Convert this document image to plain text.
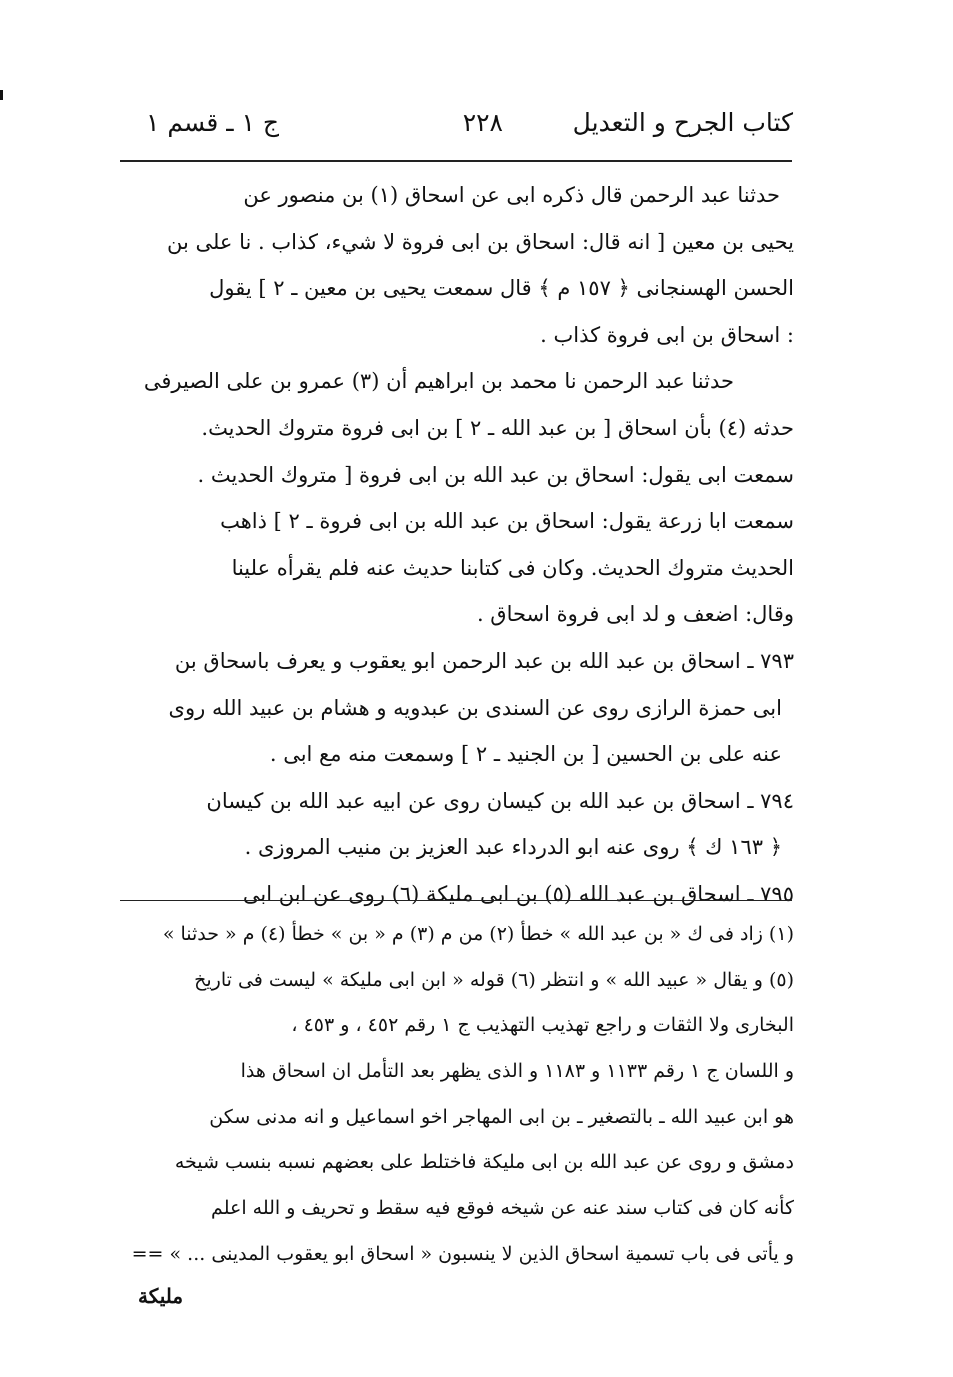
كتاب الجرح و التعديل
٢٢٨
ج ١ ـ قسم ١
حدثنا عبد الرحمن قال ذكره ابى عن اسحاق (١) بن منصور عن
يحيى بن معين [ انه قال: اسحاق بن ابى فروة لا شيء، كذاب . نا على بن
الحسن الهسنجانى ﴿ ١٥٧ م ﴾ قال سمعت يحيى بن معين ـ ٢ ] يقول
: اسحاق بن ابى فروة كذاب .
حدثنا عبد الرحمن نا محمد بن ابراهيم أن (٣) عمرو بن على الصيرفى
حدثه (٤) بأن اسحاق [ بن عبد الله ـ ٢ ] بن ابى فروة متروك الحديث.
سمعت ابى يقول: اسحاق بن عبد الله بن ابى فروة [ متروك الحديث .
سمعت ابا زرعة يقول: اسحاق بن عبد الله بن ابى فروة ـ ٢ ] ذاهب
الحديث متروك الحديث. وكان فى كتابنا حديث عنه فلم يقرأه علينا
وقال: اضعف و لد ابى فروة اسحاق .
٧٩٣ ـ اسحاق بن عبد الله بن عبد الرحمن ابو يعقوب و يعرف باسحاق بن
ابى حمزة الرازى روى عن السندى بن عبدويه و هشام بن عبيد الله روى
عنه على بن الحسين [ بن الجنيد ـ ٢ ] وسمعت منه مع ابى .
٧٩٤ ـ اسحاق بن عبد الله بن كيسان روى عن ابيه عبد الله بن كيسان
﴿ ١٦٣ ك ﴾ روى عنه ابو الدرداء عبد العزيز بن منيب المروزى .
٧٩٥ ـ اسحاق بن عبد الله (٥) بن ابى مليكة (٦) روى عن ابن ابى
(١) زاد فى ك « بن عبد الله » خطأ (٢) من م (٣) م « بن » خطأ (٤) م « حدثنا »
(٥) و يقال « عبيد الله » و انتظر (٦) قوله « ابن ابى مليكة » ليست فى تاريخ
البخارى ولا الثقات و راجع تهذيب التهذيب ج ١ رقم ٤٥٢ ، و ٤٥٣ ،
و اللسان ج ١ رقم ١١٣٣ و ١١٨٣ و الذى يظهر بعد التأمل ان اسحاق هذا
هو ابن عبيد الله ـ بالتصغير ـ بن ابى المهاجر اخو اسماعيل و انه مدنى سكن
دمشق و روى عن عبد الله بن ابى مليكة فاختلط على بعضهم نسبه بنسب شيخه
كأنه كان فى كتاب سند عنه عن شيخه فوقع فيه سقط و تحريف و الله اعلم
و يأتى فى باب تسمية اسحاق الذين لا ينسبون « اسحاق ابو يعقوب المدينى ... » ==
مليكة
